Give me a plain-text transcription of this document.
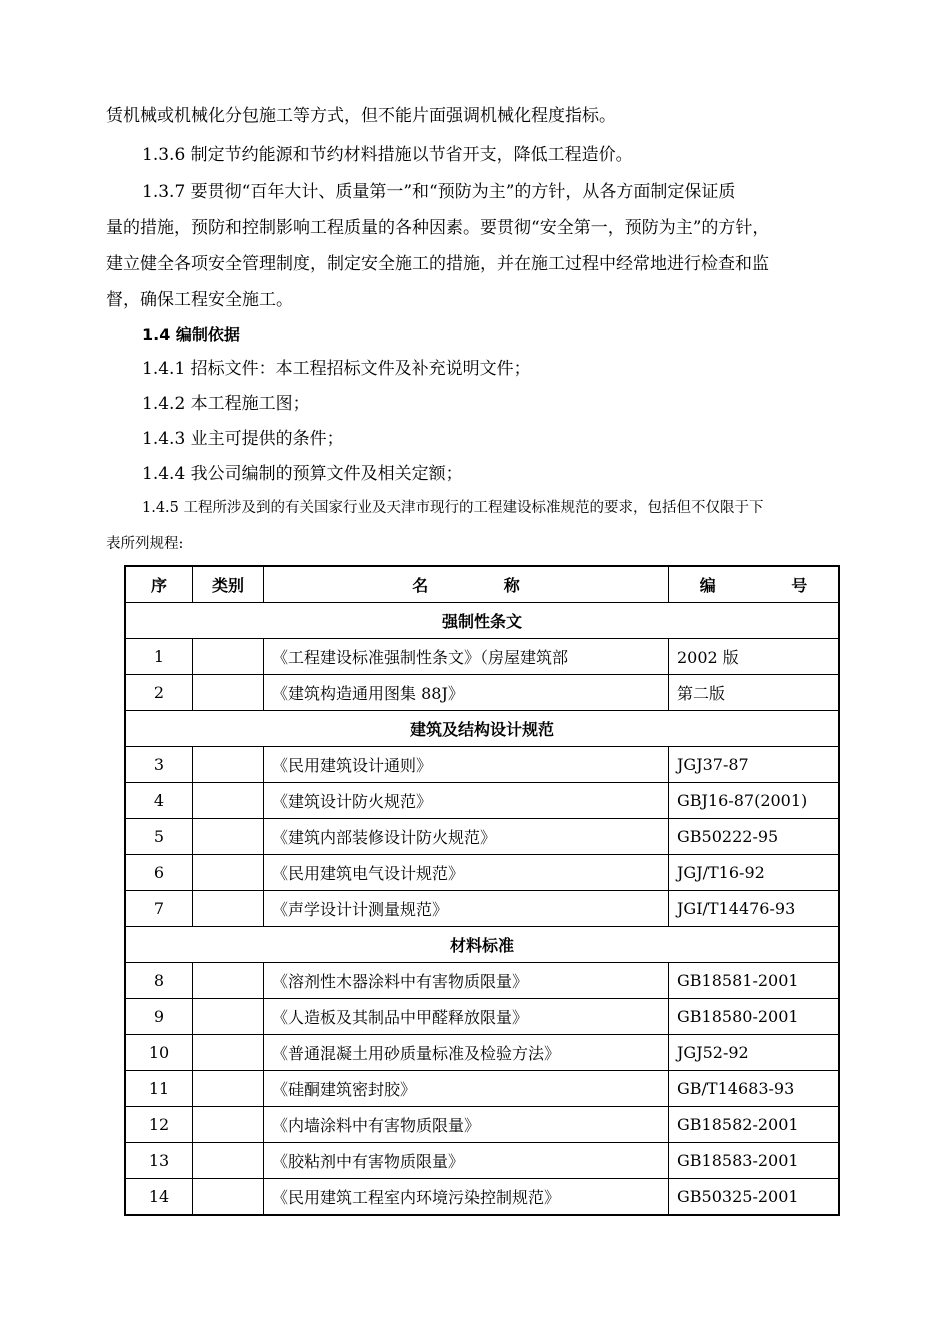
赁机械或机械化分包施工等方式，但不能片面强调机械化程度指标。
1.3.6 制定节约能源和节约材料措施以节省开支，降低工程造价。
1.3.7 要贯彻“百年大计、质量第一”和“预防为主”的方针，从各方面制定保证质
量的措施，预防和控制影响工程质量的各种因素。要贯彻“安全第一，预防为主”的方针，
建立健全各项安全管理制度，制定安全施工的措施，并在施工过程中经常地进行检查和监
督，确保工程安全施工。
1.4 编制依据
1.4.1 招标文件：本工程招标文件及补充说明文件；
1.4.2 本工程施工图；
1.4.3 业主可提供的条件；
1.4.4 我公司编制的预算文件及相关定额；
1.4.5 工程所涉及到的有关国家行业及天津市现行的工程建设标准规范的要求，包括但不仅限于下
表所列规程:
序	类别	名 称	编 号
强制性条文			
1		《工程建设标准强制性条文》（房屋建筑部	2002 版
2		《建筑构造通用图集 88J》	第二版
建筑及结构设计规范			
3		《民用建筑设计通则》	JGJ37-87
4		《建筑设计防火规范》	GBJ16-87(2001)
5		《建筑内部装修设计防火规范》	GB50222-95
6		《民用建筑电气设计规范》	JGJ/T16-92
7		《声学设计计测量规范》	JGI/T14476-93
材料标准			
8		《溶剂性木器涂料中有害物质限量》	GB18581-2001
9		《人造板及其制品中甲醛释放限量》	GB18580-2001
10		《普通混凝土用砂质量标准及检验方法》	JGJ52-92
11		《硅酮建筑密封胶》	GB/T14683-93
12		《内墙涂料中有害物质限量》	GB18582-2001
13		《胶粘剂中有害物质限量》	GB18583-2001
14		《民用建筑工程室内环境污染控制规范》	GB50325-2001
